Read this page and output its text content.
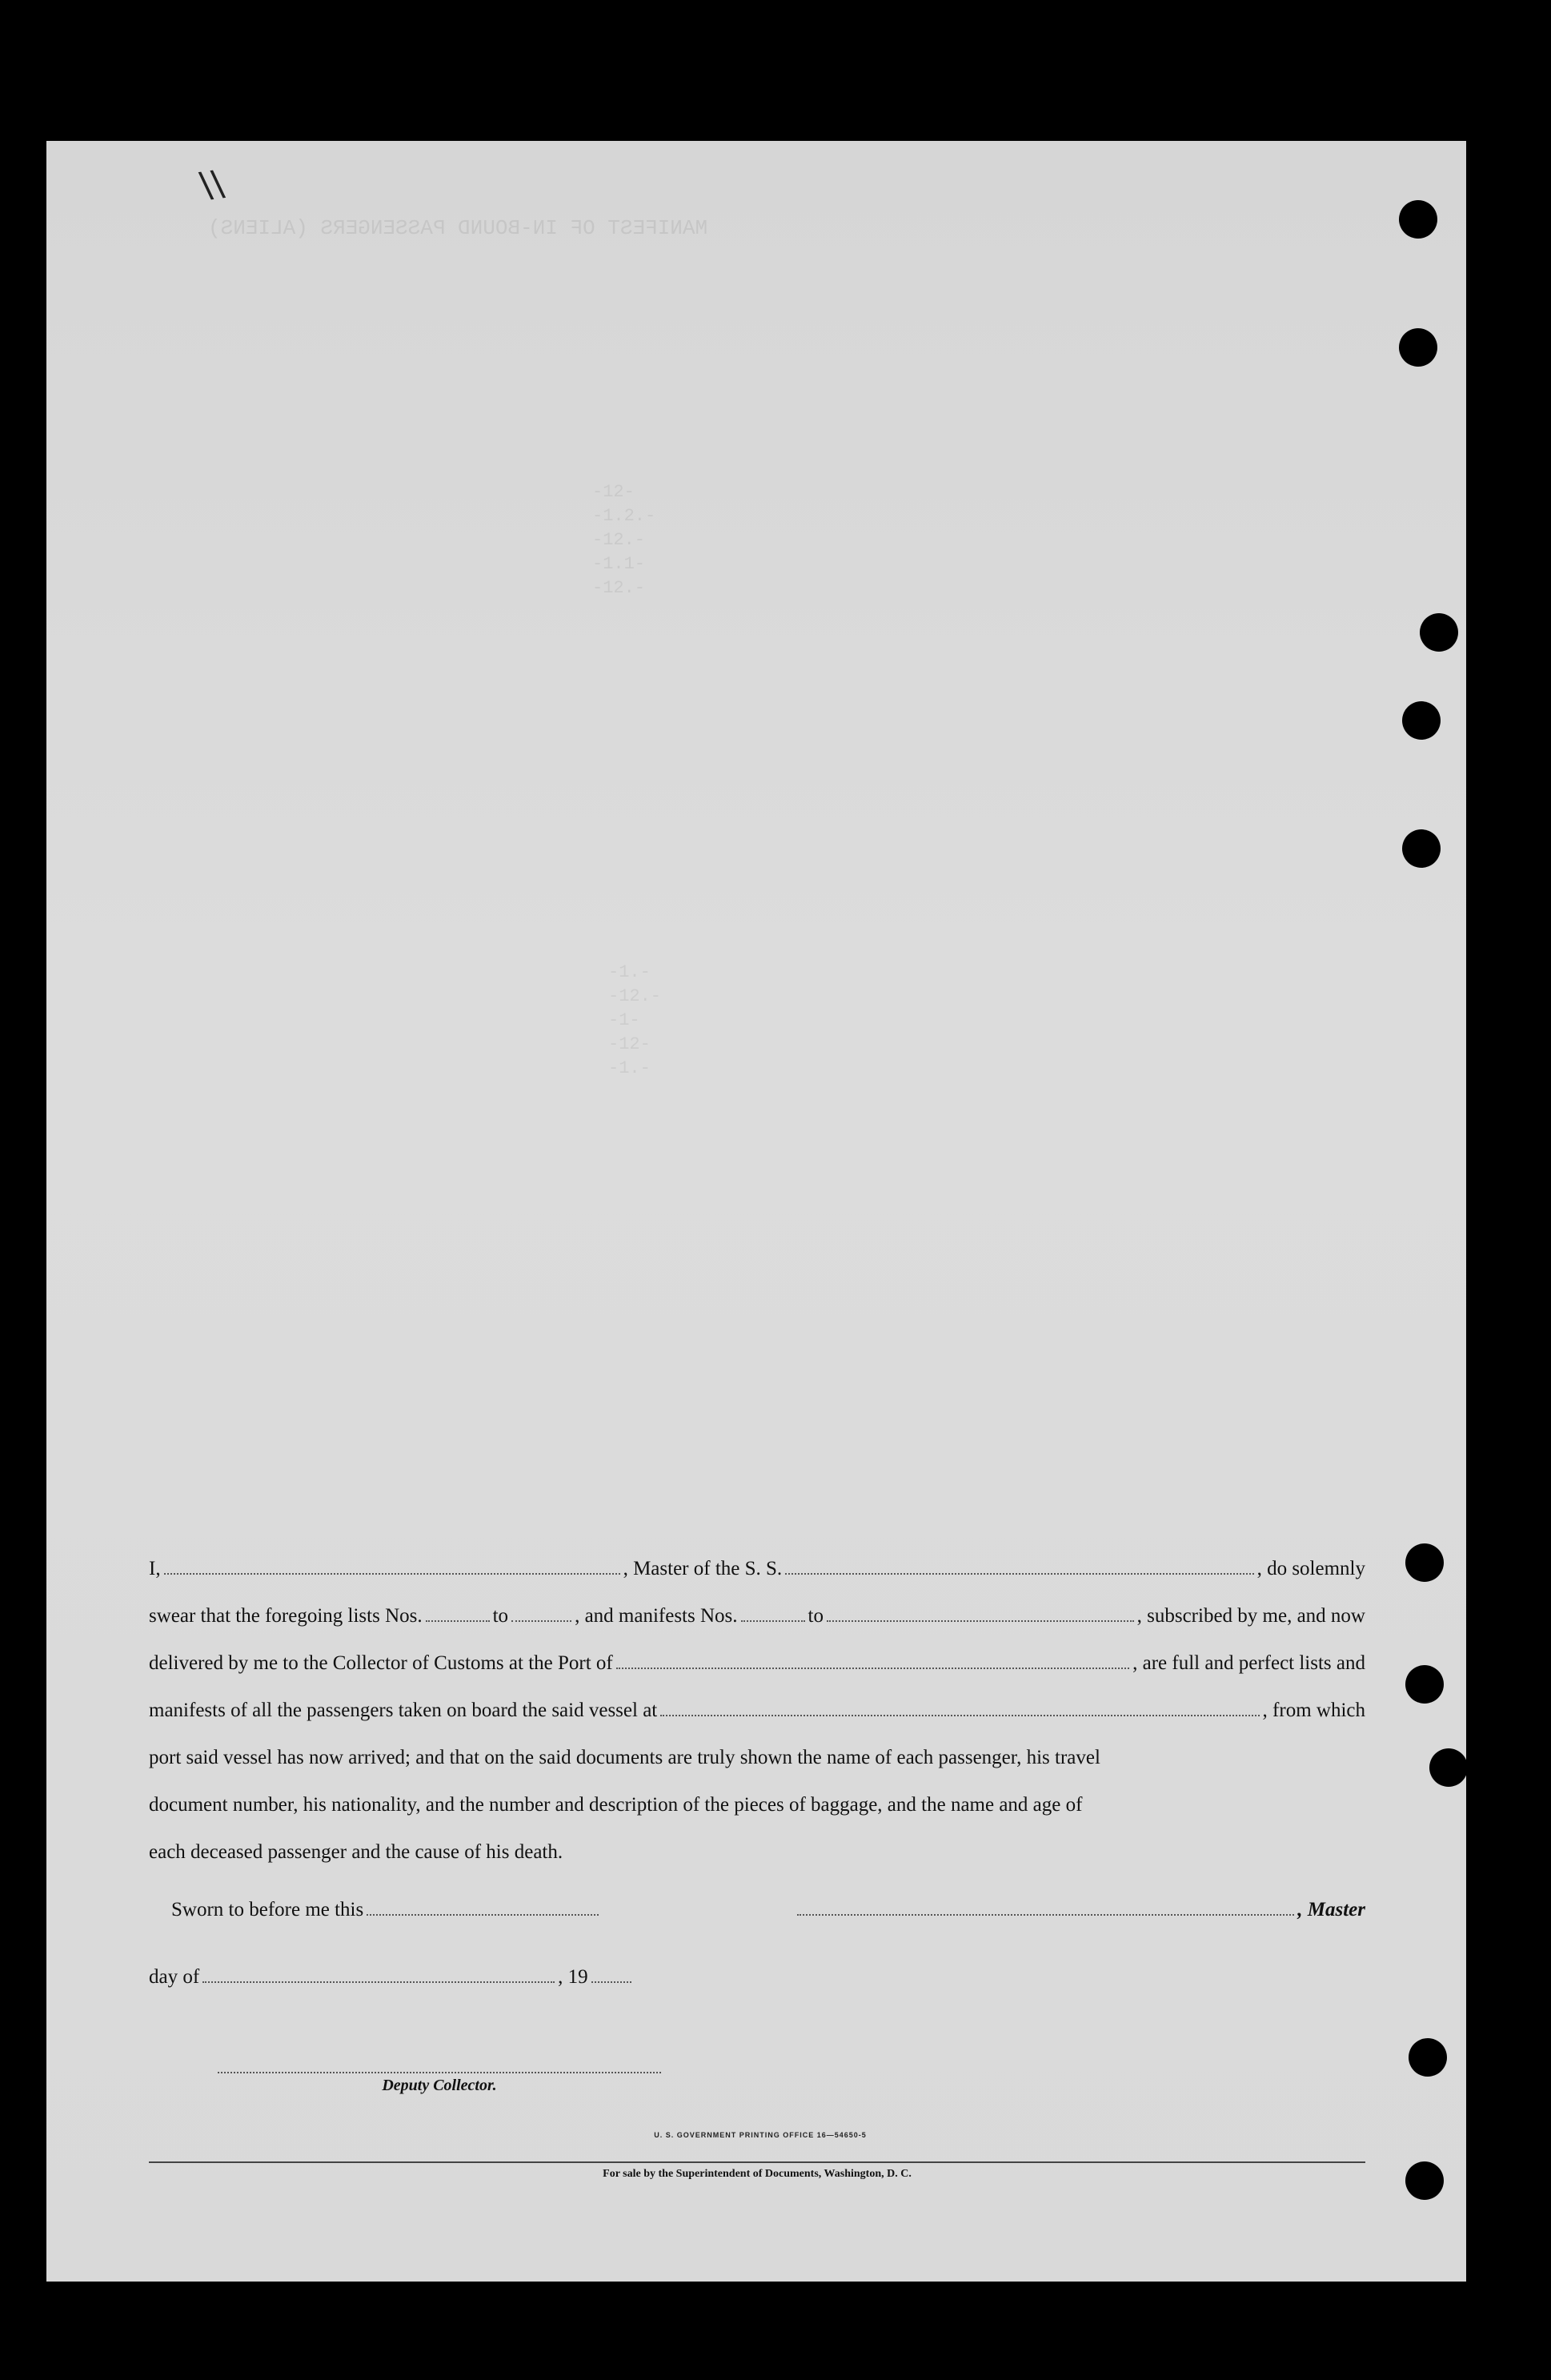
MANIFEST OF IN-BOUND PASSENGERS (ALIENS)
-12-
-1.2.-
-12.-
-1.1-
-12.-
-1.-
-12.-
-1-
-12-
-1.-
\\
I,	, Master of the S. S.	, do solemnly
swear that the foregoing lists Nos.	to	, and manifests Nos.	to	, subscribed by me, and now
delivered by me to the Collector of Customs at the Port of	, are full and perfect lists and
manifests of all the passengers taken on board the said vessel at	, from which
port said vessel has now arrived; and that on the said documents are truly shown the name of each passenger, his travel
document number, his nationality, and the number and description of the pieces of baggage, and the name and age of
each deceased passenger and the cause of his death.
Sworn to before me this	, Master
day of	, 19
Deputy Collector.
U. S. GOVERNMENT PRINTING OFFICE 16—54650-5
For sale by the Superintendent of Documents, Washington, D. C.
